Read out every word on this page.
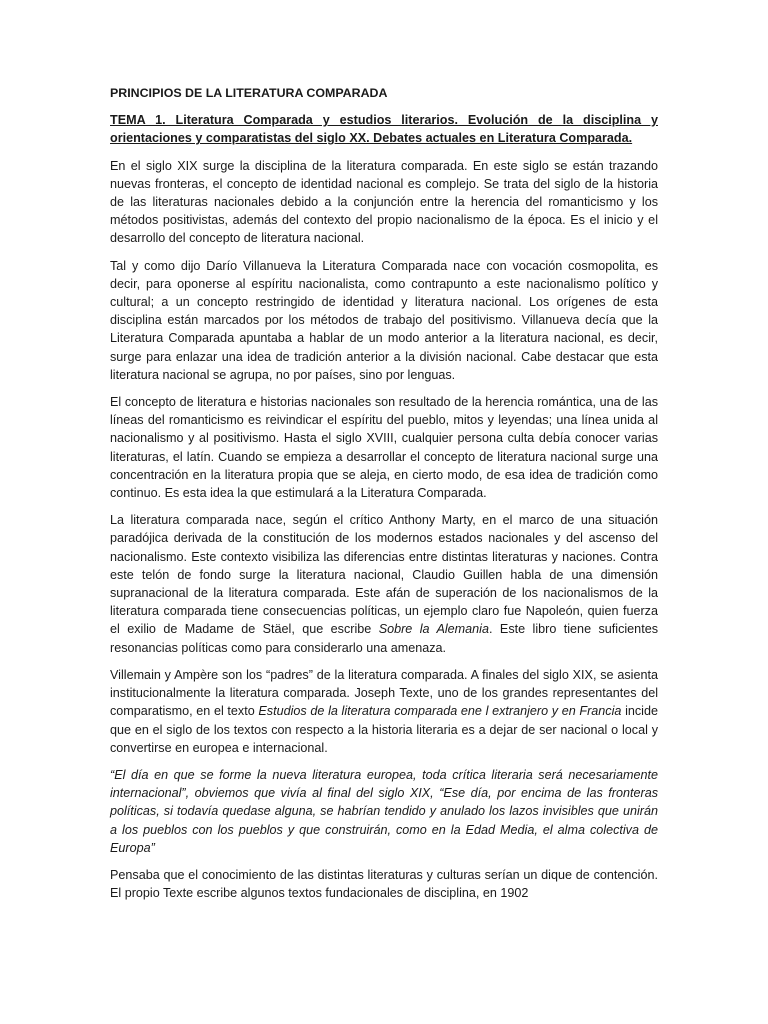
PRINCIPIOS DE LA LITERATURA COMPARADA
TEMA 1. Literatura Comparada y estudios literarios. Evolución de la disciplina y orientaciones y comparatistas del siglo XX. Debates actuales en Literatura Comparada.

En el siglo XIX surge la disciplina de la literatura comparada. En este siglo se están trazando nuevas fronteras, el concepto de identidad nacional es complejo. Se trata del siglo de la historia de las literaturas nacionales debido a la conjunción entre la herencia del romanticismo y los métodos positivistas, además del contexto del propio nacionalismo de la época. Es el inicio y el desarrollo del concepto de literatura nacional.

Tal y como dijo Darío Villanueva la Literatura Comparada nace con vocación cosmopolita, es decir, para oponerse al espíritu nacionalista, como contrapunto a este nacionalismo político y cultural; a un concepto restringido de identidad y literatura nacional. Los orígenes de esta disciplina están marcados por los métodos de trabajo del positivismo. Villanueva decía que la Literatura Comparada apuntaba a hablar de un modo anterior a la literatura nacional, es decir, surge para enlazar una idea de tradición anterior a la división nacional. Cabe destacar que esta literatura nacional se agrupa, no por países, sino por lenguas.

El concepto de literatura e historias nacionales son resultado de la herencia romántica, una de las líneas del romanticismo es reivindicar el espíritu del pueblo, mitos y leyendas; una línea unida al nacionalismo y al positivismo. Hasta el siglo XVIII, cualquier persona culta debía conocer varias literaturas, el latín. Cuando se empieza a desarrollar el concepto de literatura nacional surge una concentración en la literatura propia que se aleja, en cierto modo, de esa idea de tradición como continuo. Es esta idea la que estimulará a la Literatura Comparada.

La literatura comparada nace, según el crítico Anthony Marty, en el marco de una situación paradójica derivada de la constitución de los modernos estados nacionales y del ascenso del nacionalismo. Este contexto visibiliza las diferencias entre distintas literaturas y naciones. Contra este telón de fondo surge la literatura nacional, Claudio Guillen habla de una dimensión supranacional de la literatura comparada. Este afán de superación de los nacionalismos de la literatura comparada tiene consecuencias políticas, un ejemplo claro fue Napoleón, quien fuerza el exilio de Madame de Stäel, que escribe Sobre la Alemania. Este libro tiene suficientes resonancias políticas como para considerarlo una amenaza.

Villemain y Ampère son los “padres” de la literatura comparada. A finales del siglo XIX, se asienta institucionalmente la literatura comparada. Joseph Texte, uno de los grandes representantes del comparatismo, en el texto Estudios de la literatura comparada ene l extranjero y en Francia incide que en el siglo de los textos con respecto a la historia literaria es a dejar de ser nacional o local y convertirse en europea e internacional.

“El día en que se forme la nueva literatura europea, toda crítica literaria será necesariamente internacional”, obviemos que vivía al final del siglo XIX, “Ese día, por encima de las fronteras políticas, si todavía quedase alguna, se habrían tendido y anulado los lazos invisibles que unirán a los pueblos con los pueblos y que construirán, como en la Edad Media, el alma colectiva de Europa”

Pensaba que el conocimiento de las distintas literaturas y culturas serían un dique de contención. El propio Texte escribe algunos textos fundacionales de disciplina, en 1902
